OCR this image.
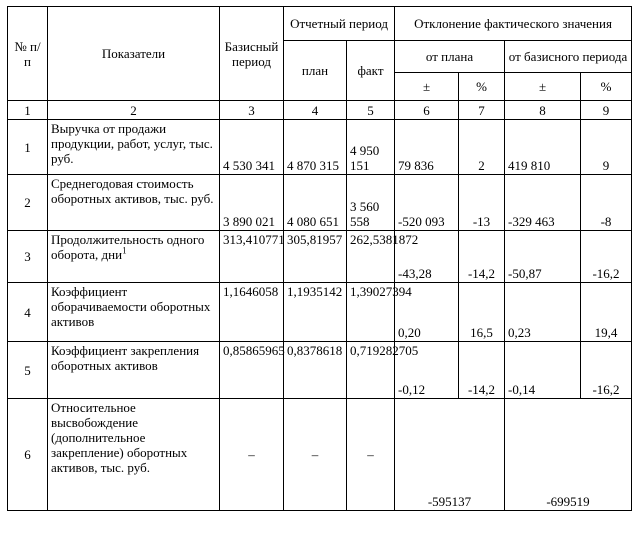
№ п/п	Показатели	Базисный период	Отчетный период		Отклонение фактического значения			
			план	факт	от плана		от базисного периода	
					±	%	±	%
1	2	3	4	5	6	7	8	9
1	Выручка от продажи продукции, работ, услуг, тыс. руб.	4 530 341	4 870 315	4 950 151	79 836	2	419 810	9
2	Среднегодовая стоимость оборотных активов, тыс. руб.	3 890 021	4 080 651	3 560 558	-520 093	-13	-329 463	-8
3	Продолжительность одного оборота, дни$^1$	313,410771	305,81957	262,5381872	-43,28	-14,2	-50,87	-16,2
4	Коэффициент оборачиваемости оборотных активов	1,1646058	1,1935142	1,39027394	0,20	16,5	0,23	19,4
5	Коэффициент закрепления оборотных активов	0,85865965	0,8378618	0,719282705	-0,12	-14,2	-0,14	-16,2
6	Относительное высвобождение (дополнительное закрепление) оборотных активов, тыс. руб.	–	–	–	-595137		-699519	
